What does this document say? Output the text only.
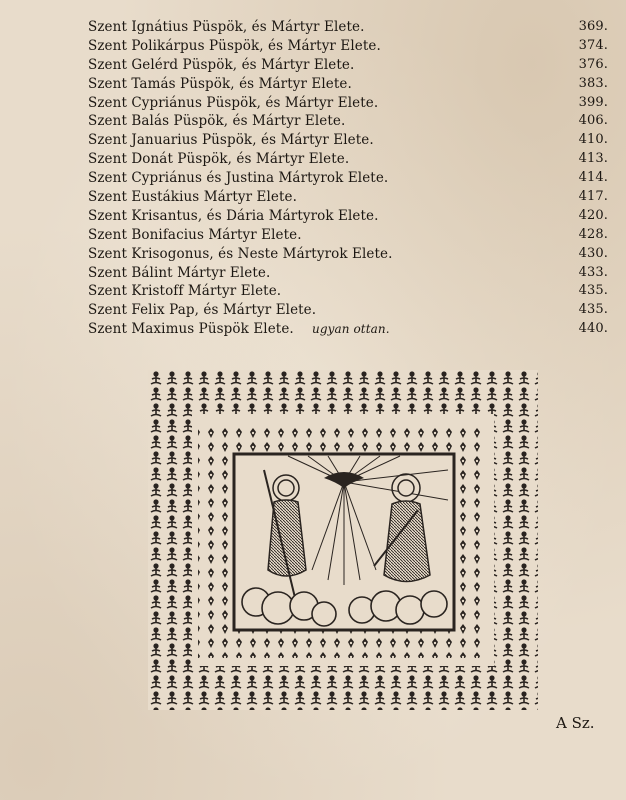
Szent Ignátius Püspök, és Mártyr Elete.	369.
Szent Polikárpus Püspök, és Mártyr Elete.	374.
Szent Gelérd Püspök, és Mártyr Elete.	376.
Szent Tamás Püspök, és Mártyr Elete.	383.
Szent Cypriánus Püspök, és Mártyr Elete.	399.
Szent Balás Püspök, és Mártyr Elete.	406.
Szent Januarius Püspök, és Mártyr Elete.	410.
Szent Donát Püspök, és Mártyr Elete.	413.
Szent Cypriánus és Justina Mártyrok Elete.	414.
Szent Eustákius Mártyr Elete.	417.
Szent Krisantus, és Dária Mártyrok Elete.	420.
Szent Bonifacius Mártyr Elete.	428.
Szent Krisogonus, és Neste Mártyrok Elete.	430.
Szent Bálint Mártyr Elete.	433.
Szent Kristoff Mártyr Elete.	435.
Szent Felix Pap, és Mártyr Elete.	435.
Szent Maximus Püspök Elete. ugyan ottan.	440.
A Sz.
